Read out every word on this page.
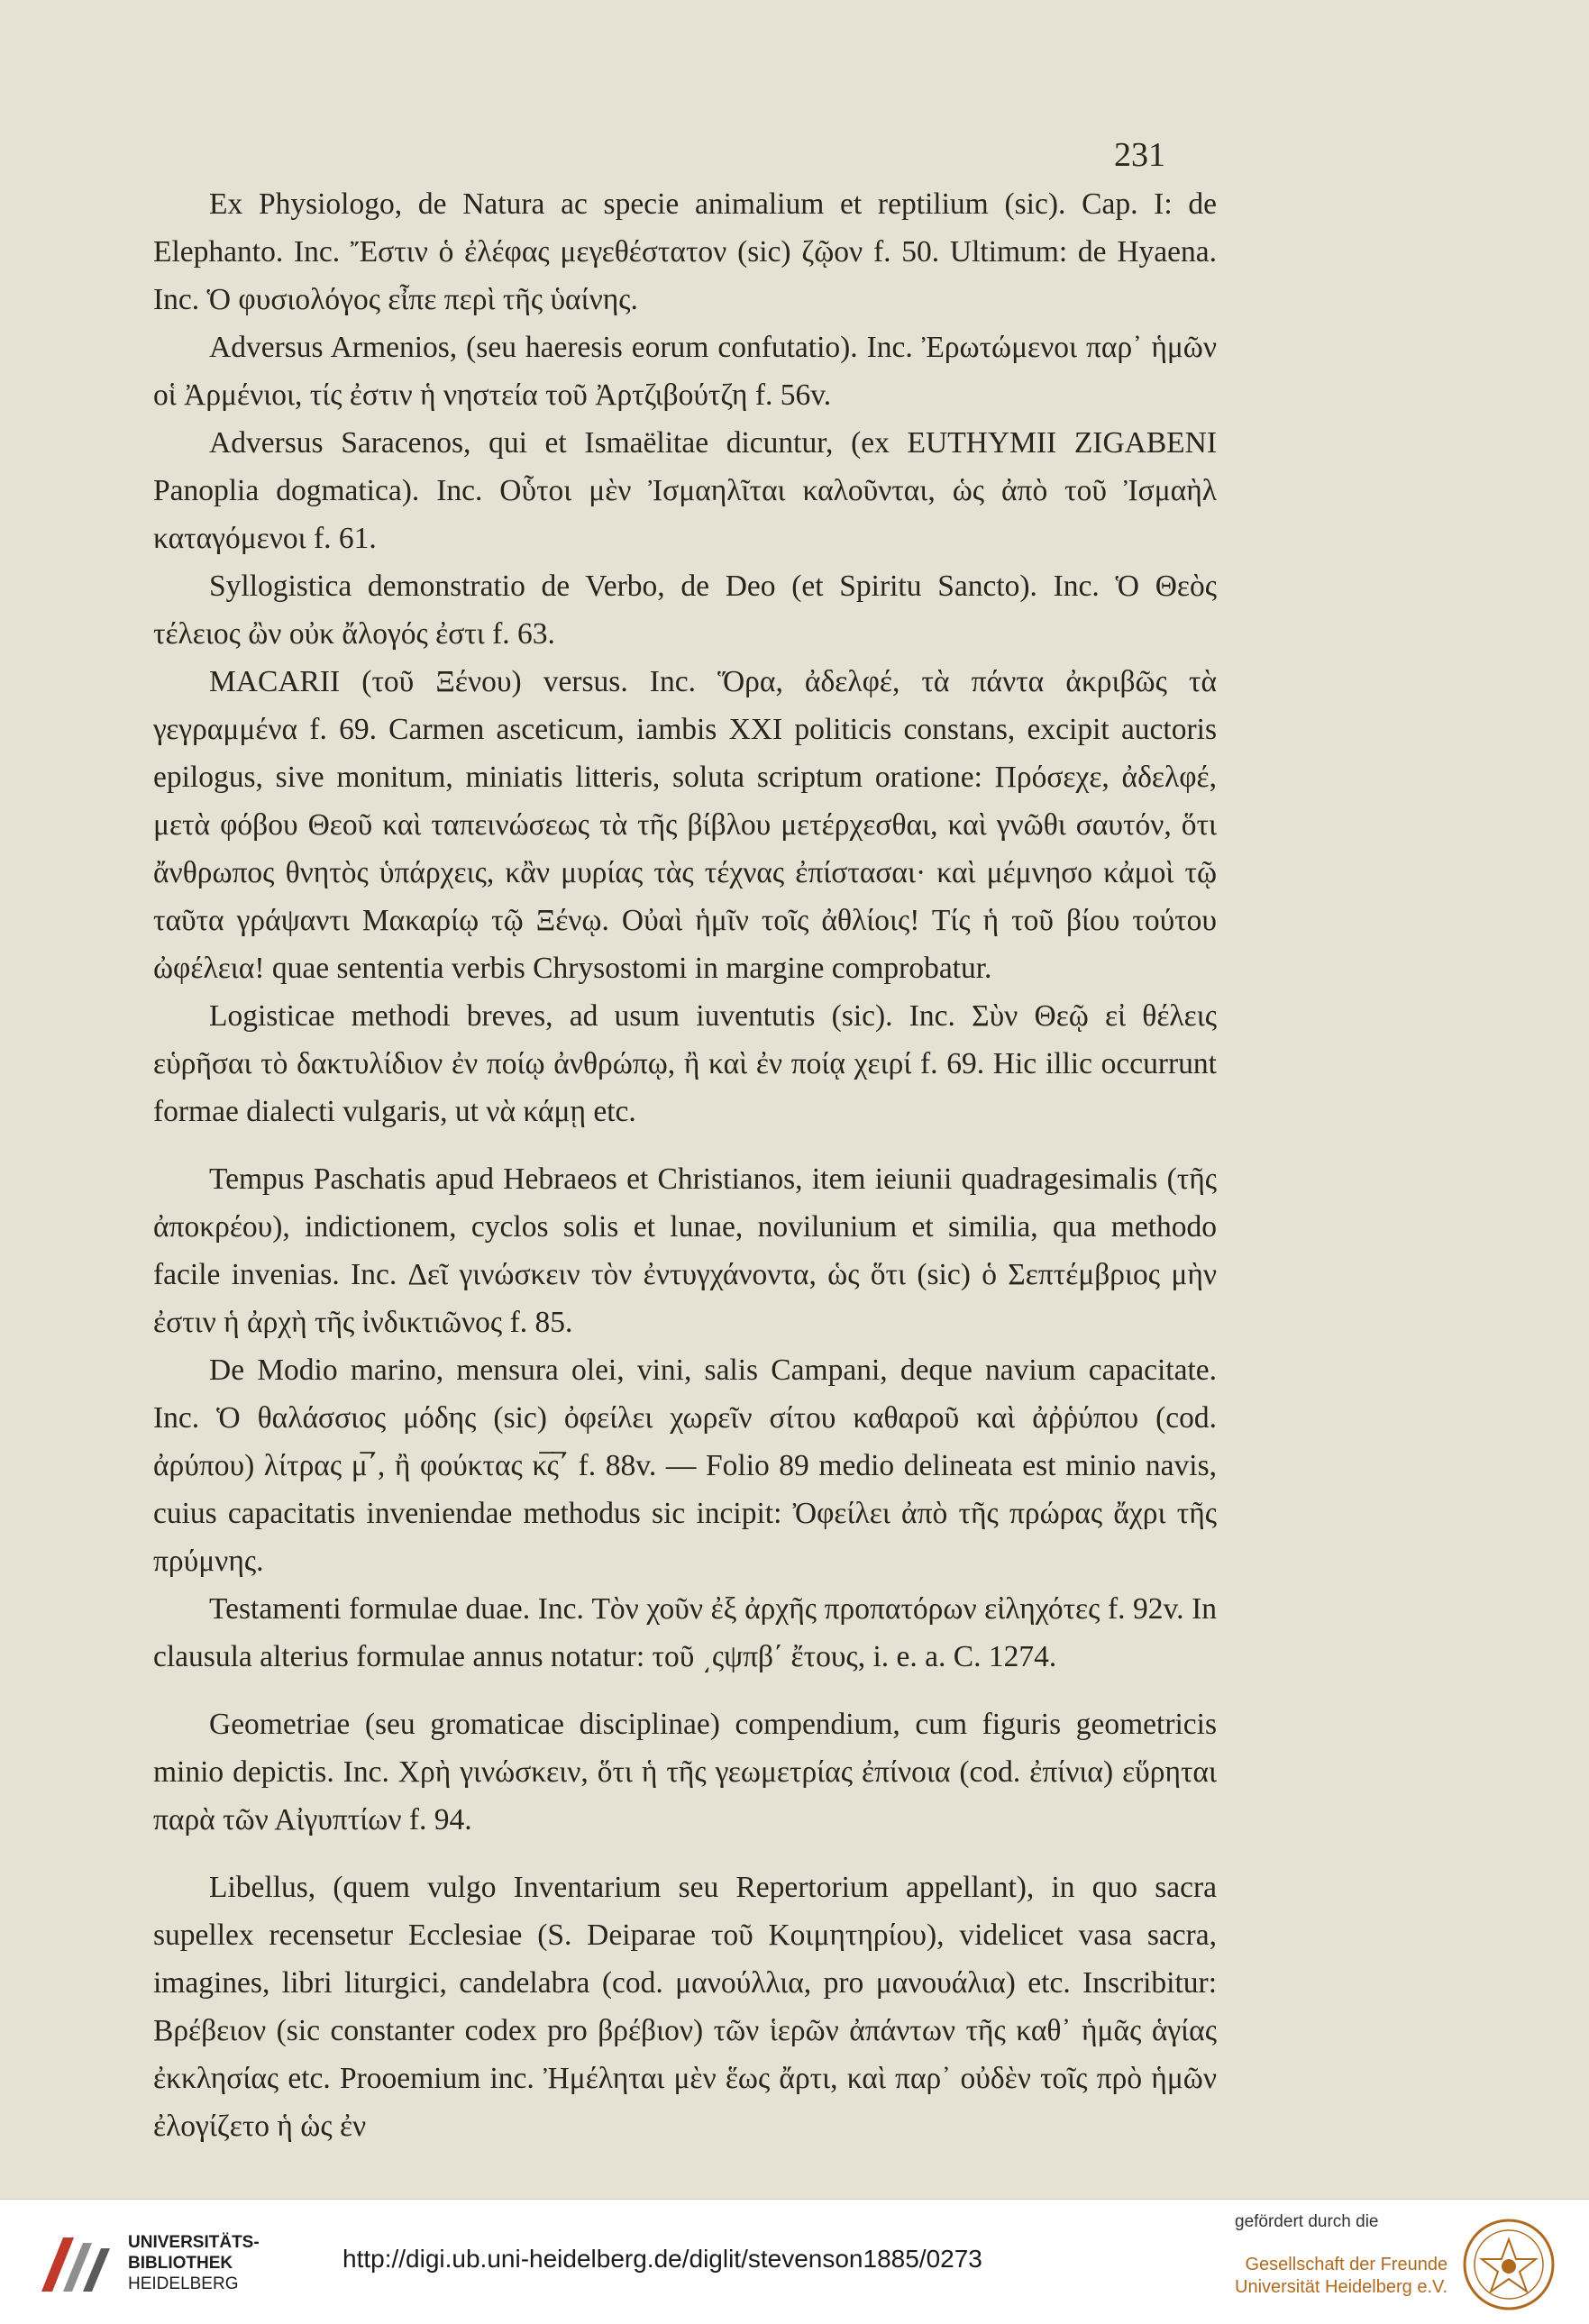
231

Ex Physiologo, de Natura ac specie animalium et reptilium (sic). Cap. I: de Elephanto. Inc. Ἔστιν ὁ ἐλέφας μεγεθέστατον (sic) ζῷον f. 50. Ultimum: de Hyaena. Inc. Ὁ φυσιολόγος εἶπε περὶ τῆς ὑαίνης.

Adversus Armenios, (seu haeresis eorum confutatio). Inc. Ἐρωτώμενοι παρ᾽ ἡμῶν οἱ Ἀρμένιοι, τίς ἐστιν ἡ νηστεία τοῦ Ἀρτζιβούτζη f. 56v.

Adversus Saracenos, qui et Ismaëlitae dicuntur, (ex EUTHYMII ZIGABENI Panoplia dogmatica). Inc. Οὗτοι μὲν Ἰσμαηλῖται καλοῦνται, ὡς ἀπὸ τοῦ Ἰσμαὴλ καταγόμενοι f. 61.

Syllogistica demonstratio de Verbo, de Deo (et Spiritu Sancto). Inc. Ὁ Θεὸς τέλειος ὢν οὐκ ἄλογός ἐστι f. 63.

MACARII (τοῦ Ξένου) versus. Inc. Ὅρα, ἀδελφέ, τὰ πάντα ἀκριβῶς τὰ γεγραμμένα f. 69. Carmen asceticum, iambis XXI politicis constans, excipit auctoris epilogus, sive monitum, miniatis litteris, soluta scriptum oratione: Πρόσεχε, ἀδελφέ, μετὰ φόβου Θεοῦ καὶ ταπεινώσεως τὰ τῆς βίβλου μετέρχεσθαι, καὶ γνῶθι σαυτόν, ὅτι ἄνθρωπος θνητὸς ὑπάρχεις, κἂν μυρίας τὰς τέχνας ἐπίστασαι· καὶ μέμνησο κἀμοὶ τῷ ταῦτα γράψαντι Μακαρίῳ τῷ Ξένῳ. Οὐαὶ ἡμῖν τοῖς ἀθλίοις! Τίς ἡ τοῦ βίου τούτου ὠφέλεια! quae sententia verbis Chrysostomi in margine comprobatur.

Logisticae methodi breves, ad usum iuventutis (sic). Inc. Σὺν Θεῷ εἰ θέλεις εὑρῆσαι τὸ δακτυλίδιον ἐν ποίῳ ἀνθρώπῳ, ἢ καὶ ἐν ποίᾳ χειρί f. 69. Hic illic occurrunt formae dialecti vulgaris, ut νὰ κάμῃ etc.

Tempus Paschatis apud Hebraeos et Christianos, item ieiunii quadragesimalis (τῆς ἀποκρέου), indictionem, cyclos solis et lunae, novilunium et similia, qua methodo facile invenias. Inc. Δεῖ γινώσκειν τὸν ἐντυγχάνοντα, ὡς ὅτι (sic) ὁ Σεπτέμβριος μὴν ἐστιν ἡ ἀρχὴ τῆς ἰνδικτιῶνος f. 85.

De Modio marino, mensura olei, vini, salis Campani, deque navium capacitate. Inc. Ὁ θαλάσσιος μόδης (sic) ὀφείλει χωρεῖν σίτου καθαροῦ καὶ ἀῤῥύπου (cod. ἀρύπου) λίτρας μ̅΄, ἢ φούκτας κ̅ς̅΄ f. 88v. — Folio 89 medio delineata est minio navis, cuius capacitatis inveniendae methodus sic incipit: Ὀφείλει ἀπὸ τῆς πρώρας ἄχρι τῆς πρύμνης.

Testamenti formulae duae. Inc. Τὸν χοῦν ἐξ ἀρχῆς προπατόρων εἰληχότες f. 92v. In clausula alterius formulae annus notatur: τοῦ ͵ςψπβ΄ ἔτους, i. e. a. C. 1274.

Geometriae (seu gromaticae disciplinae) compendium, cum figuris geometricis minio depictis. Inc. Χρὴ γινώσκειν, ὅτι ἡ τῆς γεωμετρίας ἐπίνοια (cod. ἐπίνια) εὕρηται παρὰ τῶν Αἰγυπτίων f. 94.

Libellus, (quem vulgo Inventarium seu Repertorium appellant), in quo sacra supellex recensetur Ecclesiae (S. Deiparae τοῦ Κοιμητηρίου), videlicet vasa sacra, imagines, libri liturgici, candelabra (cod. μανούλλια, pro μανουάλια) etc. Inscribitur: Βρέβειον (sic constanter codex pro βρέβιον) τῶν ἱερῶν ἀπάντων τῆς καθ᾽ ἡμᾶς ἁγίας ἐκκλησίας etc. Prooemium inc. Ἠμέληται μὲν ἕως ἄρτι, καὶ παρ᾽ οὐδὲν τοῖς πρὸ ἡμῶν ἐλογίζετο ἡ ὡς ἐν

UNIVERSITÄTS-
BIBLIOTHEK
HEIDELBERG
http://digi.ub.uni-heidelberg.de/diglit/stevenson1885/0273
gefördert durch die
Gesellschaft der Freunde
Universität Heidelberg e.V.
